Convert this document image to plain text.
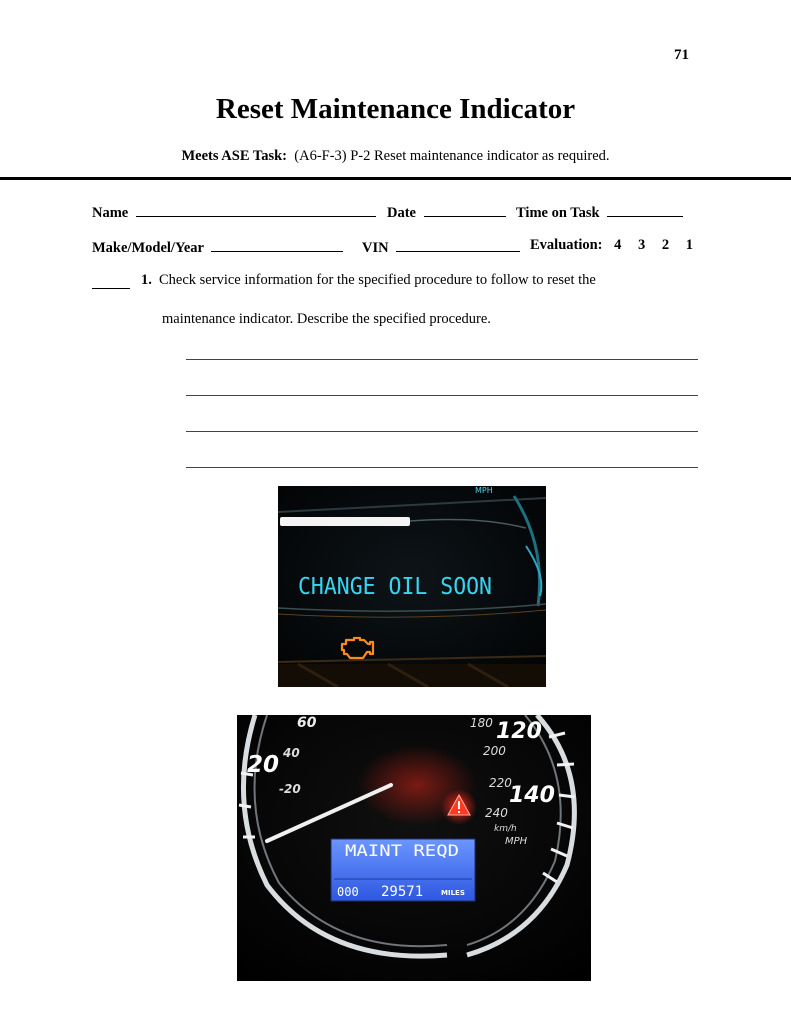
71
Reset Maintenance Indicator
Meets ASE Task: (A6-F-3) P-2 Reset maintenance indicator as required.
Name	Date	Time on Task
Make/Model/Year	VIN	Evaluation: 4 3 2 1
1. Check service information for the specified procedure to follow to reset the
maintenance indicator. Describe the specified procedure.
MPH
CHANGE OIL SOON
60
20 40
-20
180 120
200
220
140
240
km/h
MPH
MAINT REQD
000 29571	MILES
